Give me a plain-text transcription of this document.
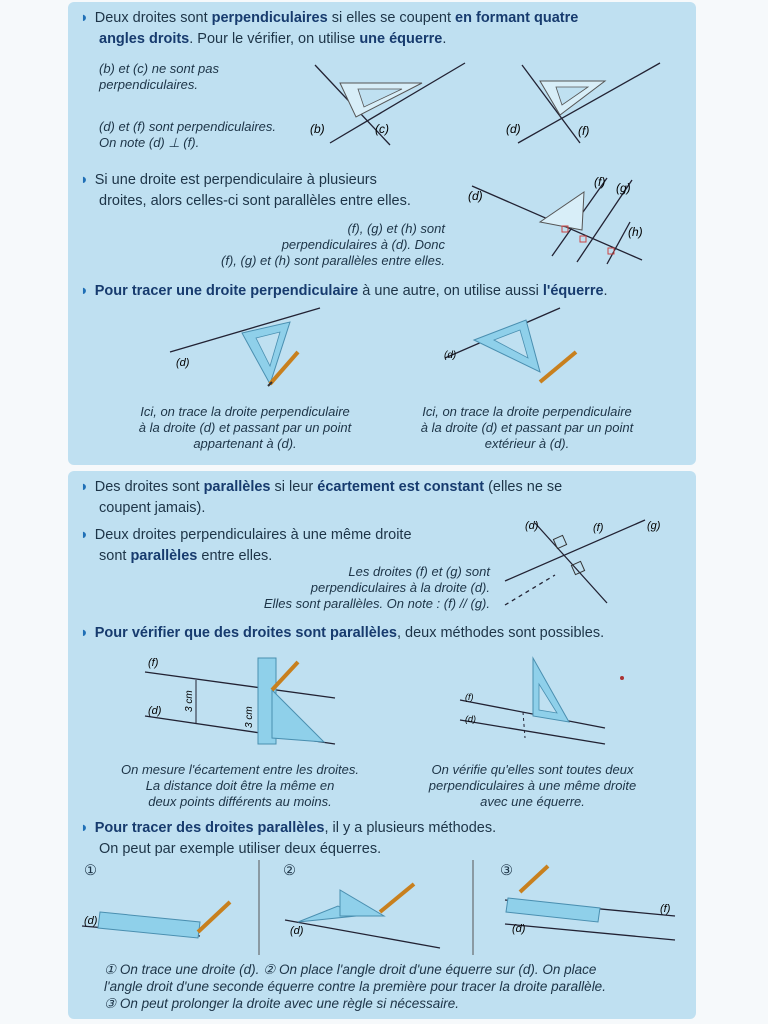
◗ Deux droites sont perpendiculaires si elles se coupent en formant quatre
angles droits. Pour le vérifier, on utilise une équerre.
(b) et (c) ne sont pas
perpendiculaires.
(d) et (f) sont perpendiculaires.
On note (d) ⊥ (f).
(b)	(c)	(d)	(f)
◗ Si une droite est perpendiculaire à plusieurs
droites, alors celles-ci sont parallèles entre elles.
(f), (g) et (h) sont
perpendiculaires à (d). Donc
(f), (g) et (h) sont parallèles entre elles.
(d)
(f) (g)
(h)
◗ Pour tracer une droite perpendiculaire à une autre, on utilise aussi l'équerre.
(d)
(d)
Ici, on trace la droite perpendiculaire
à la droite (d) et passant par un point
appartenant à (d).
Ici, on trace la droite perpendiculaire
à la droite (d) et passant par un point
extérieur à (d).
◗ Des droites sont parallèles si leur écartement est constant (elles ne se
coupent jamais).
◗ Deux droites perpendiculaires à une même droite
sont parallèles entre elles.
Les droites (f) et (g) sont
perpendiculaires à la droite (d).
Elles sont parallèles. On note : (f) // (g).
(d)	(f)	(g)
◗ Pour vérifier que des droites sont parallèles, deux méthodes sont possibles.
(f)
(d) 3 cm
3 cm
(f)
(d)
On mesure l'écartement entre les droites.
La distance doit être la même en
deux points différents au moins.
On vérifie qu'elles sont toutes deux
perpendiculaires à une même droite
avec une équerre.
◗ Pour tracer des droites parallèles, il y a plusieurs méthodes.
On peut par exemple utiliser deux équerres.
①	②	③
(d)
(d)	(d)
(f)
① On trace une droite (d). ② On place l'angle droit d'une équerre sur (d). On place
l'angle droit d'une seconde équerre contre la première pour tracer la droite parallèle.
③ On peut prolonger la droite avec une règle si nécessaire.
